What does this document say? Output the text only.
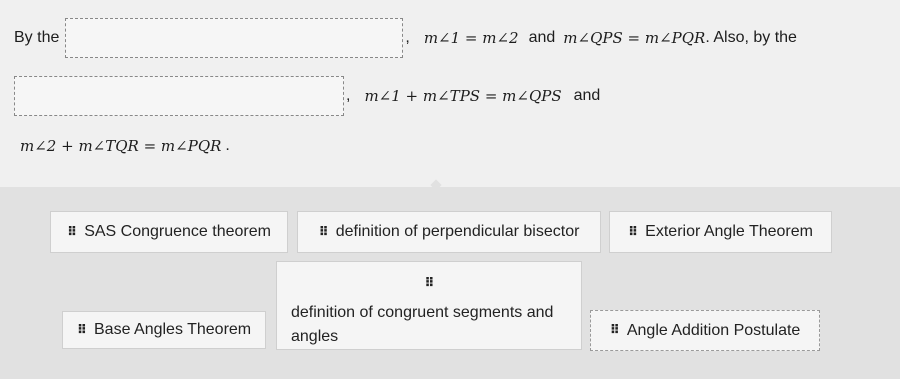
By the	, m∠1 = m∠2 and m∠QPS = m∠PQR . Also, by the
, m∠1 + m∠TPS = m∠QPS and
m∠2 + m∠TQR = m∠PQR .
⠿ SAS Congruence theorem	⠿ definition of perpendicular bisector	⠿ Exterior Angle Theorem
⠿
definition of congruent segments and angles
⠿ Base Angles Theorem	⠿ Angle Addition Postulate
